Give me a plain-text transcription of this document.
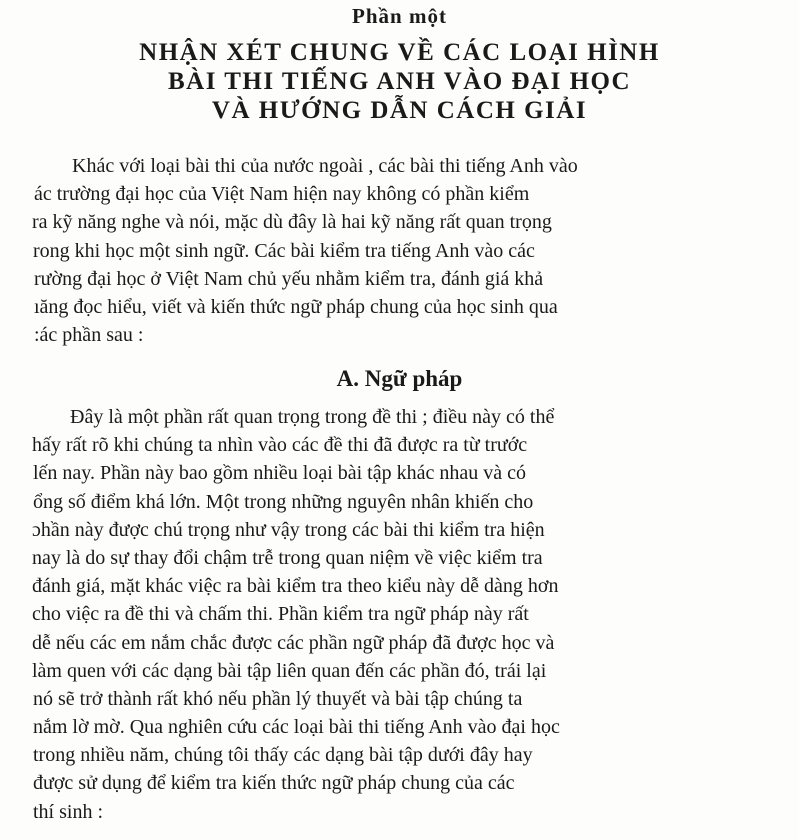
Phần một
NHẬN XÉT CHUNG VỀ CÁC LOẠI HÌNH
BÀI THI TIẾNG ANH VÀO ĐẠI HỌC
VÀ HƯỚNG DẪN CÁCH GIẢI
Khác với loại bài thi của nước ngoài , các bài thi tiếng Anh vào
ác trường đại học của Việt Nam hiện nay không có phần kiểm
ra kỹ năng nghe và nói, mặc dù đây là hai kỹ năng rất quan trọng
rong khi học một sinh ngữ. Các bài kiểm tra tiếng Anh vào các
rường đại học ở Việt Nam chủ yếu nhằm kiểm tra, đánh giá khả
ıăng đọc hiểu, viết và kiến thức ngữ pháp chung của học sinh qua
:ác phần sau :
A. Ngữ pháp
Đây là một phần rất quan trọng trong đề thi ; điều này có thể
hấy rất rõ khi chúng ta nhìn vào các đề thi đã được ra từ trước
lến nay. Phần này bao gồm nhiều loại bài tập khác nhau và có
ổng số điểm khá lớn. Một trong những nguyên nhân khiến cho
ɔhần này được chú trọng như vậy trong các bài thi kiểm tra hiện
nay là do sự thay đổi chậm trễ trong quan niệm về việc kiểm tra
đánh giá, mặt khác việc ra bài kiểm tra theo kiểu này dễ dàng hơn
cho việc ra đề thi và chấm thi. Phần kiểm tra ngữ pháp này rất
dễ nếu các em nắm chắc được các phần ngữ pháp đã được học và
làm quen với các dạng bài tập liên quan đến các phần đó, trái lại
nó sẽ trở thành rất khó nếu phần lý thuyết và bài tập chúng ta
nắm lờ mờ. Qua nghiên cứu các loại bài thi tiếng Anh vào đại học
trong nhiều năm, chúng tôi thấy các dạng bài tập dưới đây hay
được sử dụng để kiểm tra kiến thức ngữ pháp chung của các
thí sinh :
